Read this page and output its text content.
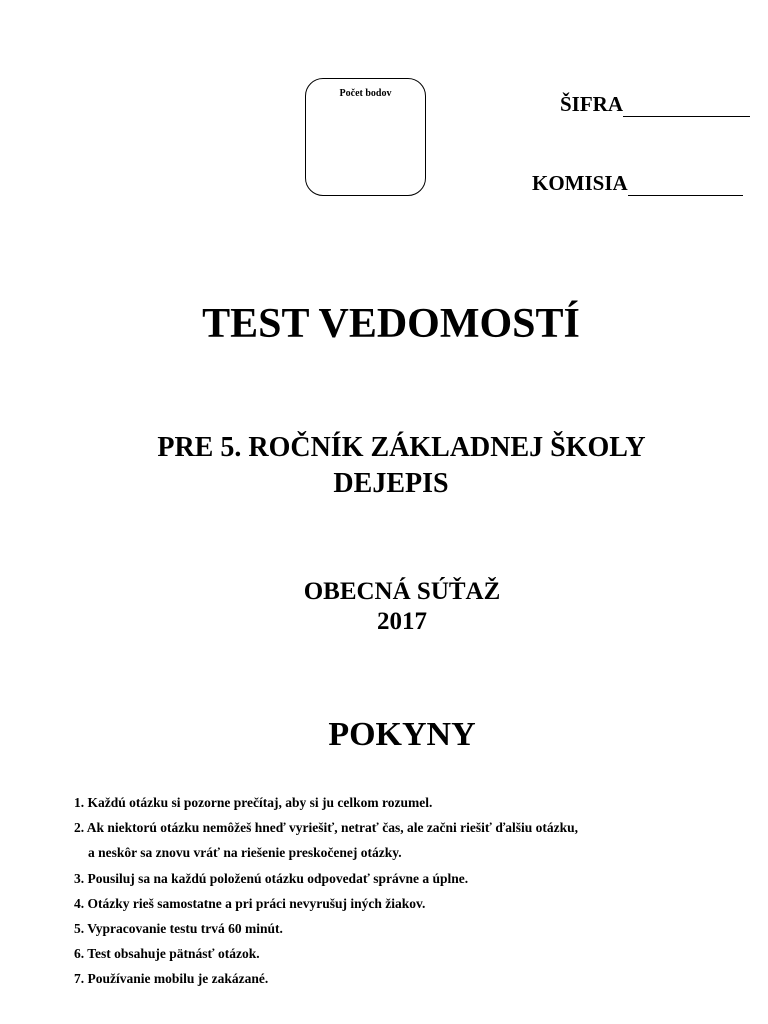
Počet bodov	ŠIFRA
KOMISIA
TEST VEDOMOSTÍ
PRE 5. ROČNÍK ZÁKLADNEJ ŠKOLY
DEJEPIS
OBECNÁ SÚŤAŽ
2017
POKYNY
1. Každú otázku si pozorne prečítaj, aby si ju celkom rozumel.
2. Ak niektorú otázku nemôžeš hneď vyriešiť, netrať čas, ale začni riešiť ďalšiu otázku,
a neskôr sa znovu vráť na riešenie preskočenej otázky.
3. Pousiluj sa na každú položenú otázku odpovedať správne a úplne.
4. Otázky rieš samostatne a pri práci nevyrušuj iných žiakov.
5. Vypracovanie testu trvá 60 minút.
6. Test obsahuje pätnásť otázok.
7. Používanie mobilu je zakázané.
